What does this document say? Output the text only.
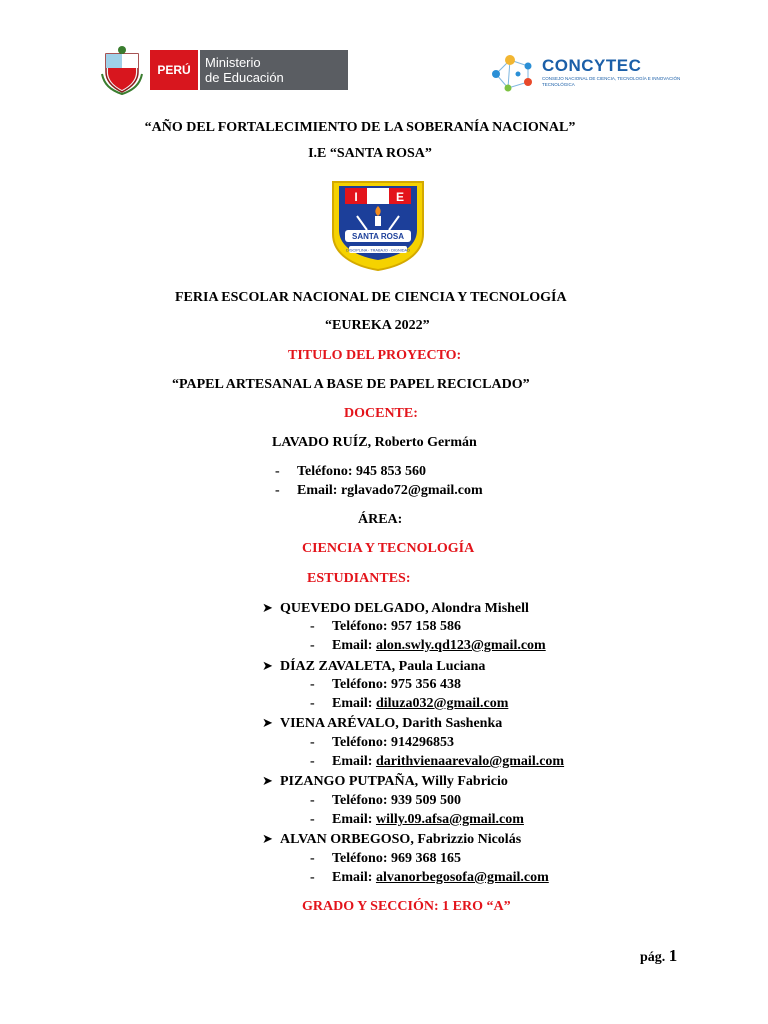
PERÚ Ministerio
de Educación
CONCYTEC
CONSEJO NACIONAL DE CIENCIA, TECNOLOGÍA E INNOVACIÓN TECNOLÓGICA
“AÑO DEL FORTALECIMIENTO DE LA SOBERANÍA NACIONAL”
I.E “SANTA ROSA”
I	E
SANTA ROSA
DISCIPLINA · TRABAJO · DIGNIDAD
FERIA ESCOLAR NACIONAL DE CIENCIA Y TECNOLOGÍA
“EUREKA 2022”
TITULO DEL PROYECTO:
“PAPEL ARTESANAL A BASE DE PAPEL RECICLADO”
DOCENTE:
LAVADO RUÍZ, Roberto Germán
- Teléfono: 945 853 560
- Email: rglavado72@gmail.com
ÁREA:
CIENCIA Y TECNOLOGÍA
ESTUDIANTES:
➤ QUEVEDO DELGADO, Alondra Mishell
- Teléfono: 957 158 586
- Email: alon.swly.qd123@gmail.com
➤ DÍAZ ZAVALETA, Paula Luciana
- Teléfono: 975 356 438
- Email: diluza032@gmail.com
➤ VIENA ARÉVALO, Darith Sashenka
- Teléfono: 914296853
- Email: darithvienaarevalo@gmail.com
➤ PIZANGO PUTPAÑA, Willy Fabricio
- Teléfono: 939 509 500
- Email: willy.09.afsa@gmail.com
➤ ALVAN ORBEGOSO, Fabrizzio Nicolás
- Teléfono: 969 368 165
- Email: alvanorbegosofa@gmail.com
GRADO Y SECCIÓN: 1 ERO “A”
pág. 1
